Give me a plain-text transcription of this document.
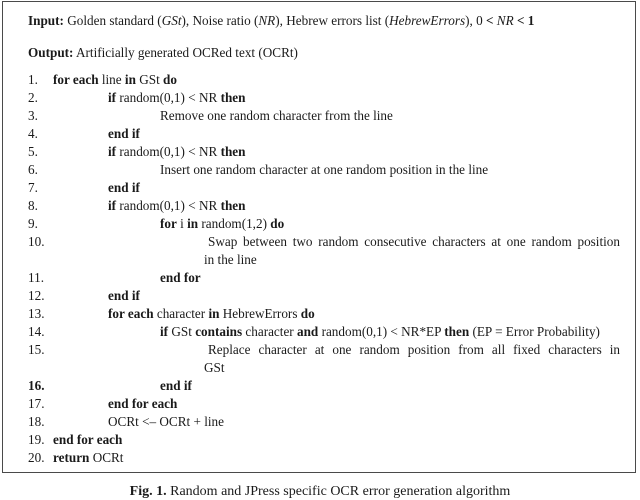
Input: Golden standard (GSt), Noise ratio (NR), Hebrew errors list (HebrewErrors), 0 < NR < 1
Output: Artificially generated OCRed text (OCRt)
1. for each line in GSt do
2.	if random(0,1) < NR then
3.	Remove one random character from the line
4.	end if
5.	if random(0,1) < NR then
6.	Insert one random character at one random position in the line
7.	end if
8.	if random(0,1) < NR then
9.	for i in random(1,2) do
10.	Swap between two random consecutive characters at one random position
in the line
11.	end for
12.	end if
13.	for each character in HebrewErrors do
14.	if GSt contains character and random(0,1) < NR*EP then (EP = Error Probability)
15.	Replace character at one random position from all fixed characters in
GSt
16.	end if
17.	end for each
18.	OCRt <– OCRt + line
19. end for each
20. return OCRt
Fig. 1. Random and JPress specific OCR error generation algorithm
